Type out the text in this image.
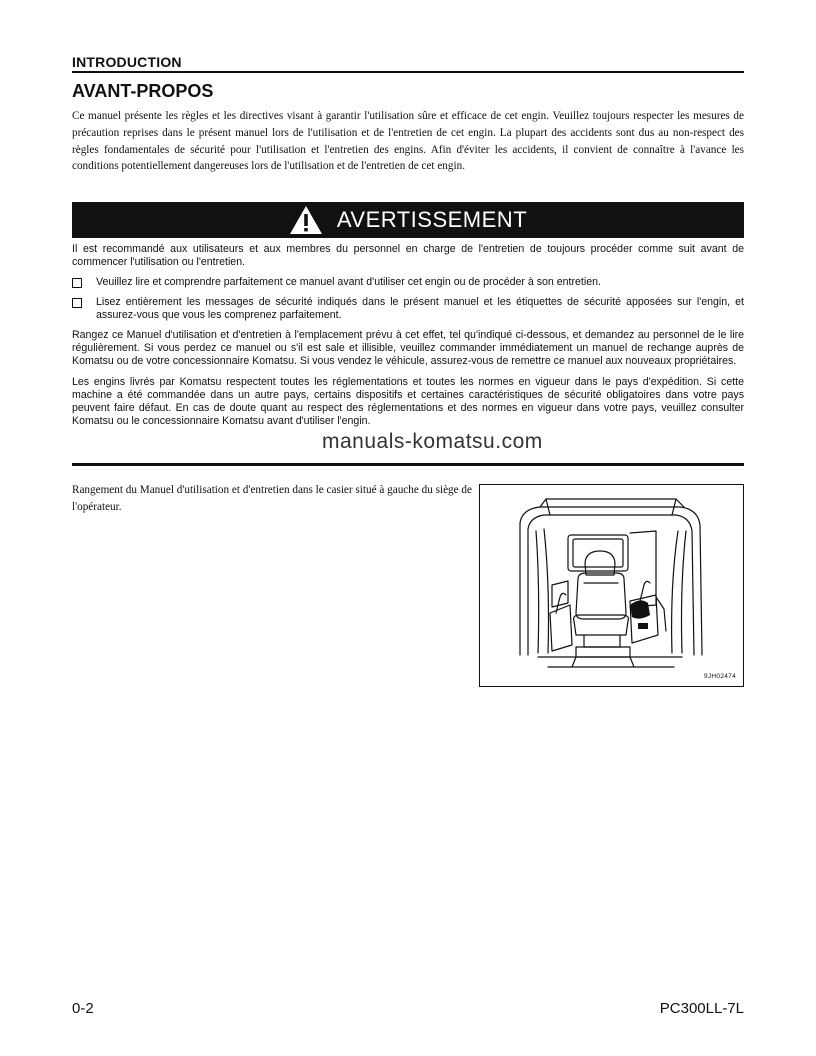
INTRODUCTION
AVANT-PROPOS
Ce manuel présente les règles et les directives visant à garantir l'utilisation sûre et efficace de cet engin. Veuillez toujours respecter les mesures de précaution reprises dans le présent manuel lors de l'utilisation et de l'entretien de cet engin. La plupart des accidents sont dus au non-respect des règles fondamentales de sécurité pour l'utilisation et l'entretien des engins. Afin d'éviter les accidents, il convient de connaître à l'avance les conditions potentiellement dangereuses lors de l'utilisation et de l'entretien de cet engin.
AVERTISSEMENT

Il est recommandé aux utilisateurs et aux membres du personnel en charge de l'entretien de toujours procéder comme suit avant de commencer l'utilisation ou l'entretien.

Veuillez lire et comprendre parfaitement ce manuel avant d'utiliser cet engin ou de procéder à son entretien.
Lisez entièrement les messages de sécurité indiqués dans le présent manuel et les étiquettes de sécurité apposées sur l'engin, et assurez-vous que vous les comprenez parfaitement.

Rangez ce Manuel d'utilisation et d'entretien à l'emplacement prévu à cet effet, tel qu'indiqué ci-dessous, et demandez au personnel de le lire régulièrement. Si vous perdez ce manuel ou s'il est sale et illisible, veuillez commander immédiatement un manuel de rechange auprès de Komatsu ou de votre concessionnaire Komatsu. Si vous vendez le véhicule, assurez-vous de remettre ce manuel aux nouveaux propriétaires.

Les engins livrés par Komatsu respectent toutes les réglementations et toutes les normes en vigueur dans le pays d'expédition. Si cette machine a été commandée dans un autre pays, certains dispositifs et certaines caractéristiques de sécurité obligatoires dans votre pays peuvent faire défaut. En cas de doute quant au respect des réglementations et des normes en vigueur dans votre pays, veuillez consulter Komatsu ou le concessionnaire Komatsu avant d'utiliser l'engin.

manuals-komatsu.com
Rangement du Manuel d'utilisation et d'entretien dans le casier situé à gauche du siège de l'opérateur.
9JH02474
0-2	PC300LL-7L
